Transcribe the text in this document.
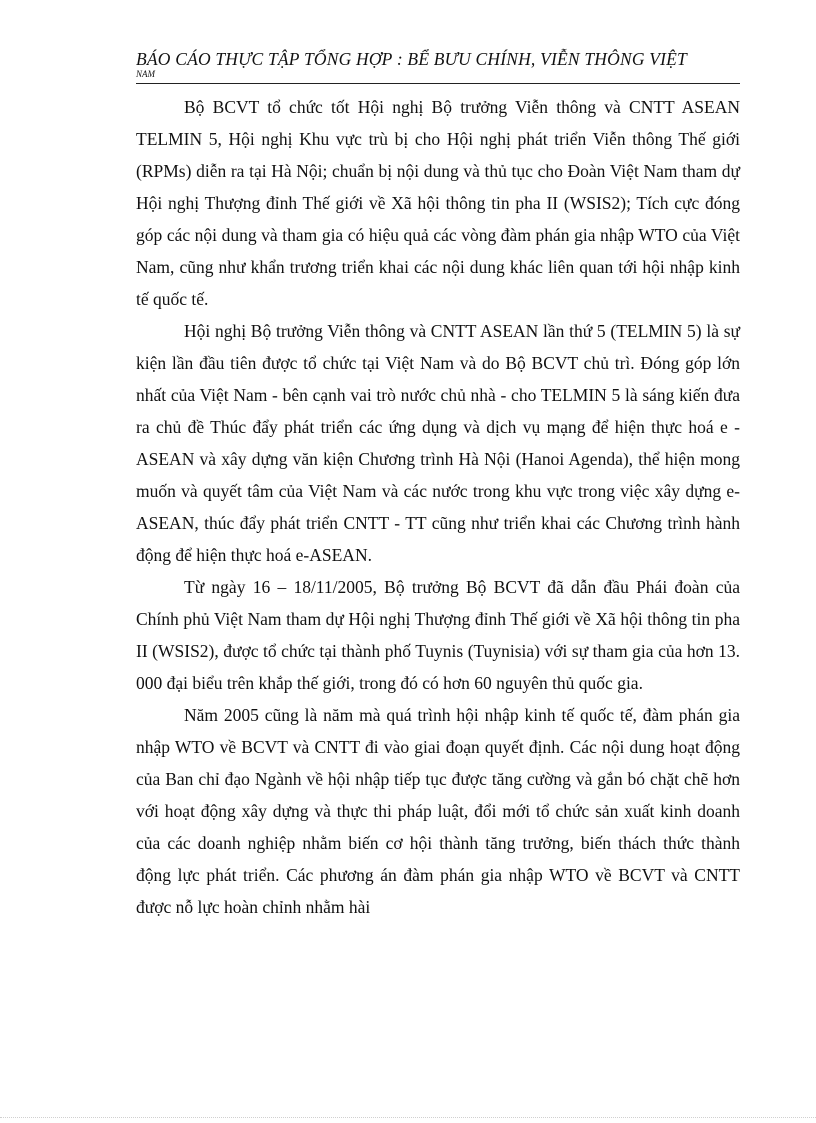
BÁO CÁO THỰC TẬP TỔNG HỢP : BỂ BƯU CHÍNH, VIỄN THÔNG VIỆT
NAM

Bộ BCVT tổ chức tốt Hội nghị Bộ trưởng Viễn thông và CNTT ASEAN TELMIN 5, Hội nghị Khu vực trù bị cho Hội nghị phát triển Viễn thông Thế giới (RPMs) diễn ra tại Hà Nội; chuẩn bị nội dung và thủ tục cho Đoàn Việt Nam tham dự Hội nghị Thượng đỉnh Thế giới về Xã hội thông tin pha II (WSIS2); Tích cực đóng góp các nội dung và tham gia có hiệu quả các vòng đàm phán gia nhập WTO của Việt Nam, cũng như khẩn trương triển khai các nội dung khác liên quan tới hội nhập kinh tế quốc tế.

Hội nghị Bộ trưởng Viễn thông và CNTT ASEAN lần thứ 5 (TELMIN 5) là sự kiện lần đầu tiên được tổ chức tại Việt Nam và do Bộ BCVT chủ trì. Đóng góp lớn nhất của Việt Nam - bên cạnh vai trò nước chủ nhà - cho TELMIN 5 là sáng kiến đưa ra chủ đề Thúc đẩy phát triển các ứng dụng và dịch vụ mạng để hiện thực hoá e - ASEAN và xây dựng văn kiện Chương trình Hà Nội (Hanoi Agenda), thể hiện mong muốn và quyết tâm của Việt Nam và các nước trong khu vực trong việc xây dựng e-ASEAN, thúc đẩy phát triển CNTT - TT cũng như triển khai các Chương trình hành động để hiện thực hoá e-ASEAN.

Từ ngày 16 – 18/11/2005, Bộ trưởng Bộ BCVT đã dẫn đầu Phái đoàn của Chính phủ Việt Nam tham dự Hội nghị Thượng đỉnh Thế giới về Xã hội thông tin pha II (WSIS2), được tổ chức tại thành phố Tuynis (Tuynisia) với sự tham gia của hơn 13. 000 đại biểu trên khắp thế giới, trong đó có hơn 60 nguyên thủ quốc gia.

Năm 2005 cũng là năm mà quá trình hội nhập kinh tế quốc tế, đàm phán gia nhập WTO về BCVT và CNTT đi vào giai đoạn quyết định. Các nội dung hoạt động của Ban chỉ đạo Ngành về hội nhập tiếp tục được tăng cường và gắn bó chặt chẽ hơn với hoạt động xây dựng và thực thi pháp luật, đổi mới tổ chức sản xuất kinh doanh của các doanh nghiệp nhằm biến cơ hội thành tăng trưởng, biến thách thức thành động lực phát triển. Các phương án đàm phán gia nhập WTO về BCVT và CNTT được nỗ lực hoàn chỉnh nhằm hài
